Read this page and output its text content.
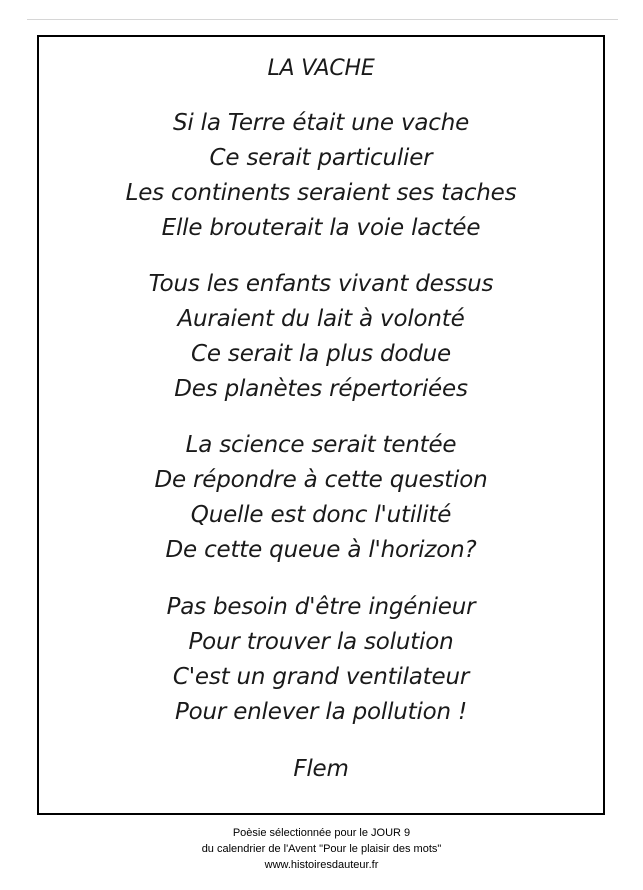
LA VACHE
Si la Terre était une vache
Ce serait particulier
Les continents seraient ses taches
Elle brouterait la voie lactée
Tous les enfants vivant dessus
Auraient du lait à volonté
Ce serait la plus dodue
Des planètes répertoriées
La science serait tentée
De répondre à cette question
Quelle est donc l'utilité
De cette queue à l'horizon?
Pas besoin d'être ingénieur
Pour trouver la solution
C'est un grand ventilateur
Pour enlever la pollution !
Flem
Poèsie sélectionnée pour le JOUR 9
du calendrier de l'Avent "Pour le plaisir des mots"
www.histoiresdauteur.fr
